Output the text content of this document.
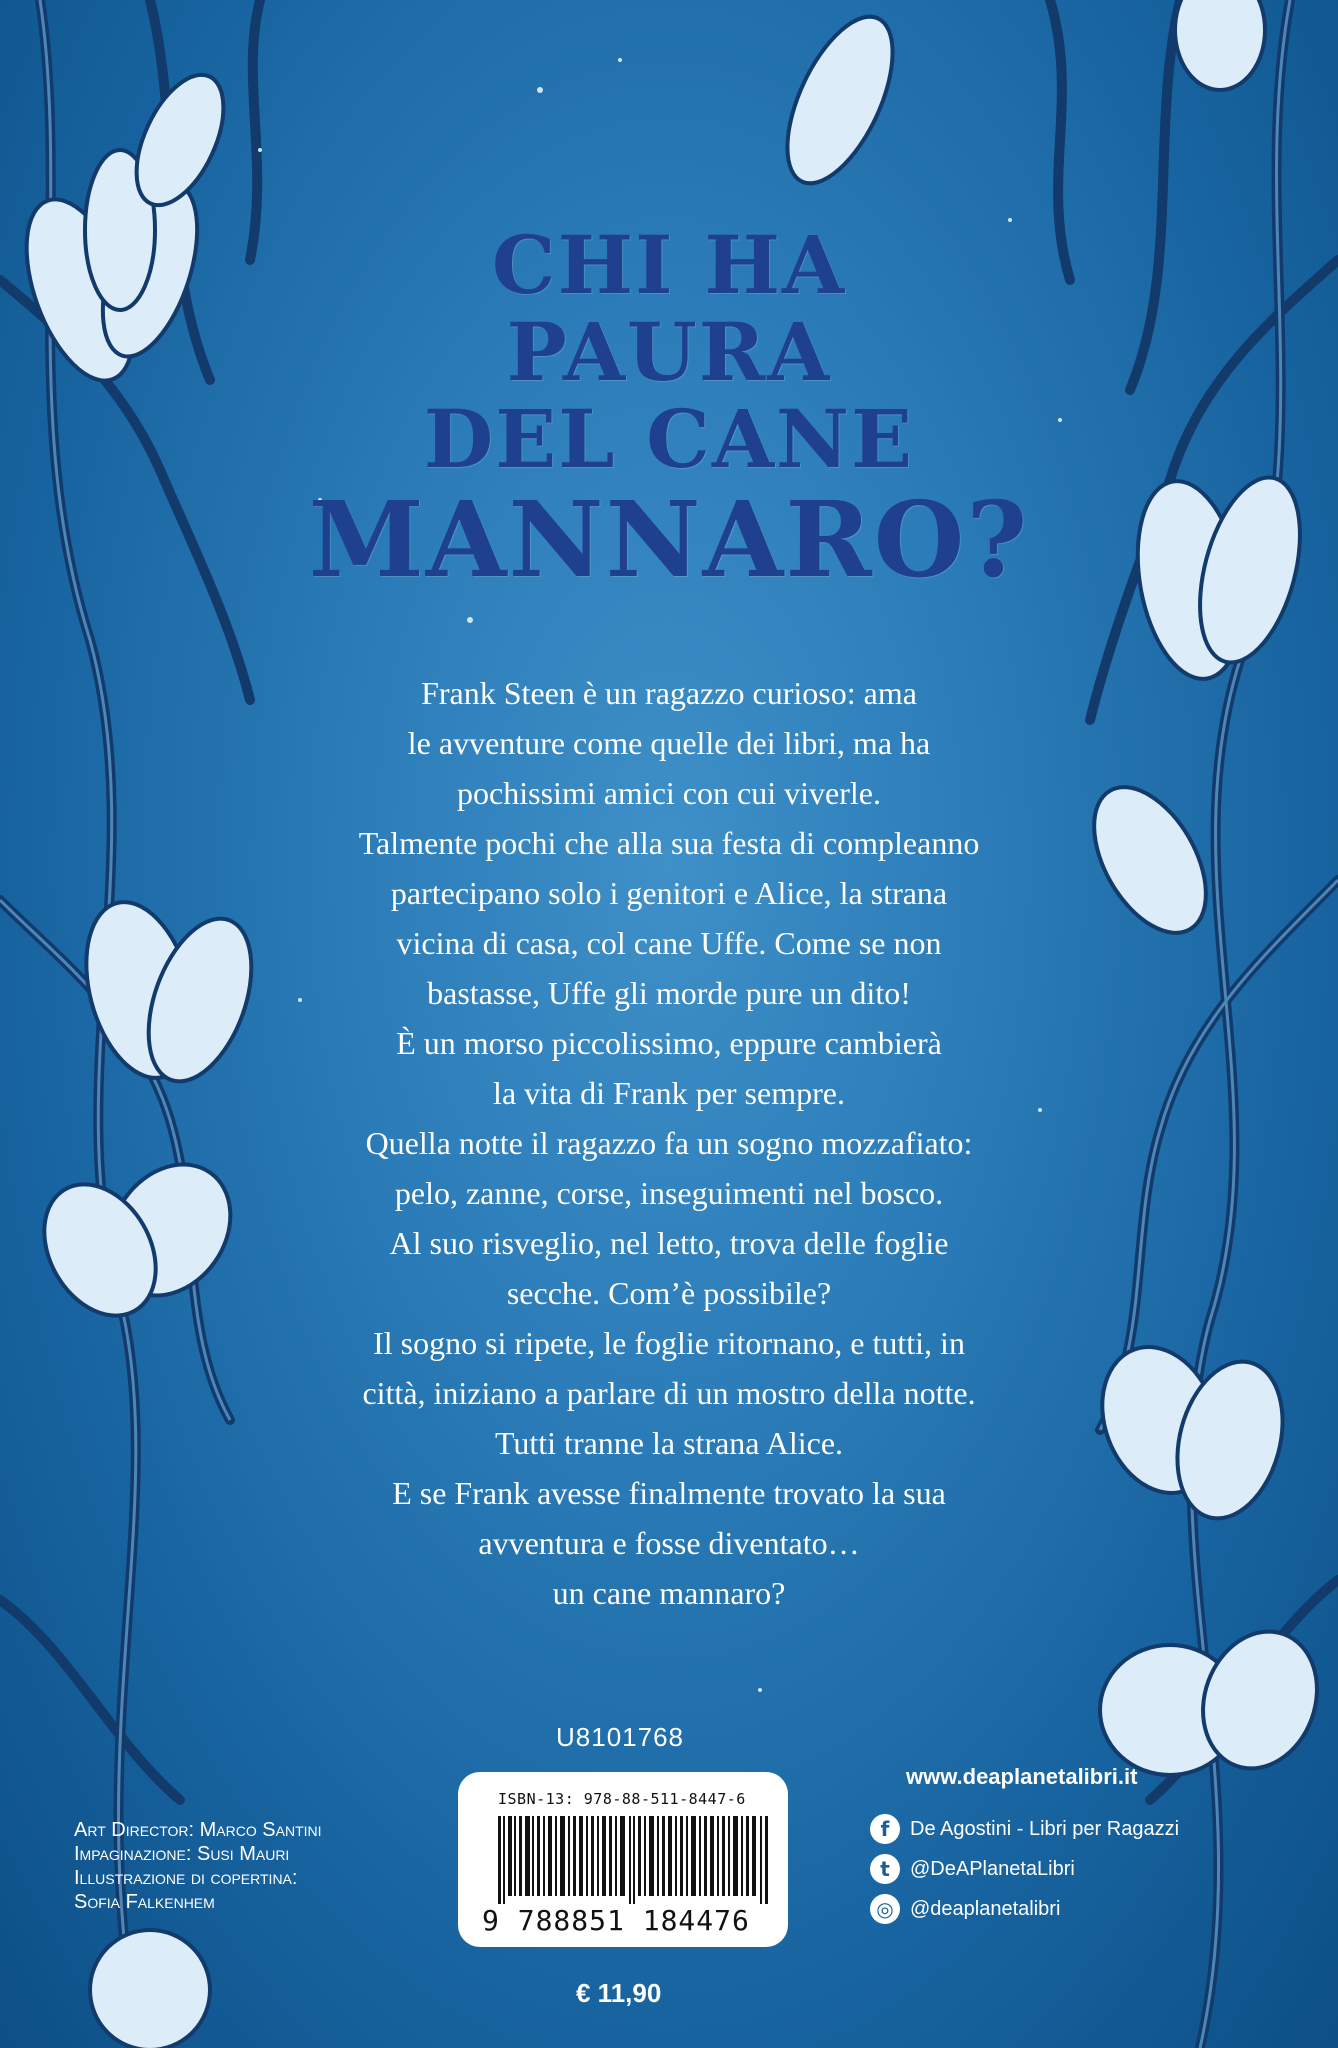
CHI HA
PAURA
DEL CANE
MANNARO?
Frank Steen è un ragazzo curioso: ama
le avventure come quelle dei libri, ma ha
pochissimi amici con cui viverle.
Talmente pochi che alla sua festa di compleanno
partecipano solo i genitori e Alice, la strana
vicina di casa, col cane Uffe. Come se non
bastasse, Uffe gli morde pure un dito!
È un morso piccolissimo, eppure cambierà
la vita di Frank per sempre.
Quella notte il ragazzo fa un sogno mozzafiato:
pelo, zanne, corse, inseguimenti nel bosco.
Al suo risveglio, nel letto, trova delle foglie
secche. Com’è possibile?
Il sogno si ripete, le foglie ritornano, e tutti, in
città, iniziano a parlare di un mostro della notte.
Tutti tranne la strana Alice.
E se Frank avesse finalmente trovato la sua
avventura e fosse diventato…
un cane mannaro?
U8101768
ISBN-13: 978-88-511-8447-6
9 788851 184476
€ 11,90
Art Director: Marco Santini
Impaginazione: Susi Mauri
Illustrazione di copertina:
Sofia Falkenhem
www.deaplanetalibri.it
f	De Agostini - Libri per Ragazzi
t	@DeAPlanetaLibri
◎ @deaplanetalibri
